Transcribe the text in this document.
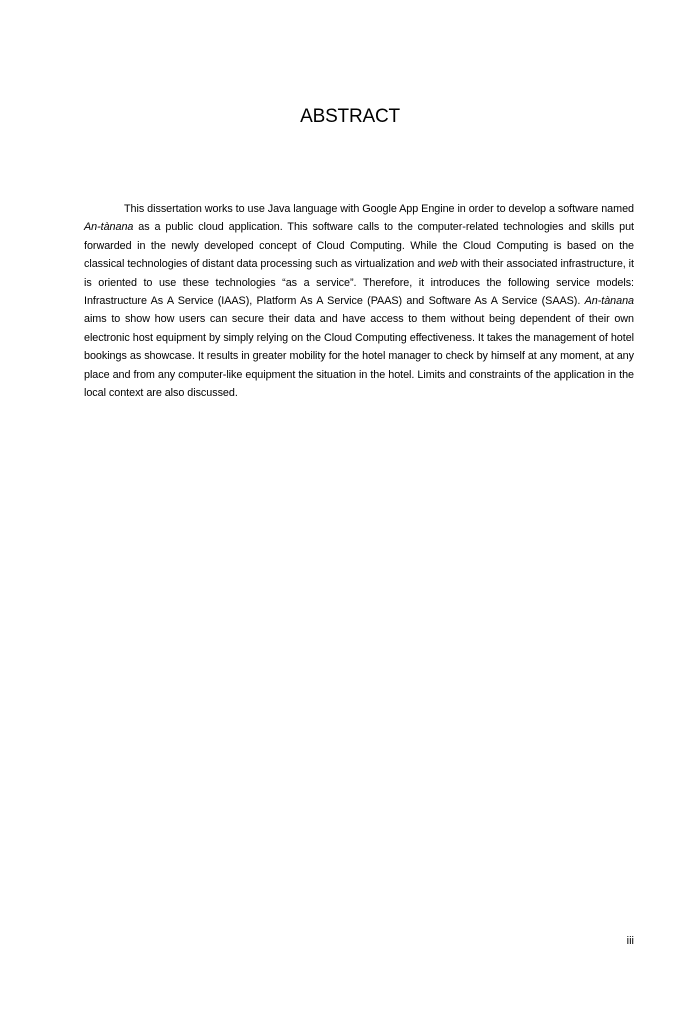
ABSTRACT

This dissertation works to use Java language with Google App Engine in order to develop a software named An-tànana as a public cloud application. This software calls to the computer-related technologies and skills put forwarded in the newly developed concept of Cloud Computing. While the Cloud Computing is based on the classical technologies of distant data processing such as virtualization and web with their associated infrastructure, it is oriented to use these technologies “as a service”. Therefore, it introduces the following service models: Infrastructure As A Service (IAAS), Platform As A Service (PAAS) and Software As A Service (SAAS). An-tànana aims to show how users can secure their data and have access to them without being dependent of their own electronic host equipment by simply relying on the Cloud Computing effectiveness. It takes the management of hotel bookings as showcase. It results in greater mobility for the hotel manager to check by himself at any moment, at any place and from any computer-like equipment the situation in the hotel. Limits and constraints of the application in the local context are also discussed.

iii
